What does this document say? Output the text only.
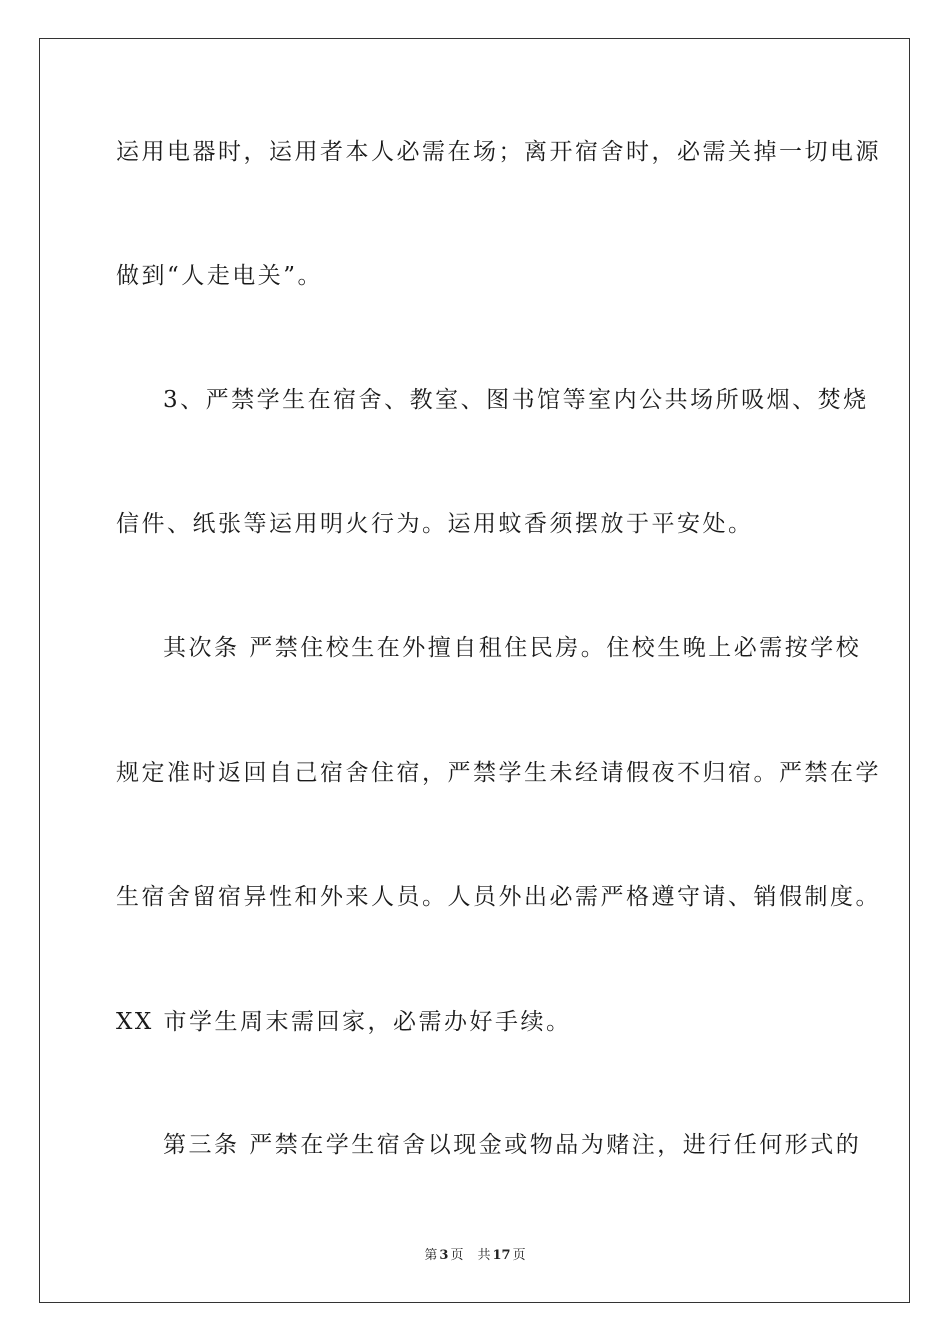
运用电器时，运用者本人必需在场；离开宿舍时，必需关掉一切电源
做到“人走电关”。
3、严禁学生在宿舍、教室、图书馆等室内公共场所吸烟、焚烧
信件、纸张等运用明火行为。运用蚊香须摆放于平安处。
其次条 严禁住校生在外擅自租住民房。住校生晚上必需按学校
规定准时返回自己宿舍住宿，严禁学生未经请假夜不归宿。严禁在学
生宿舍留宿异性和外来人员。人员外出必需严格遵守请、销假制度。
XX 市学生周末需回家，必需办好手续。
第三条 严禁在学生宿舍以现金或物品为赌注，进行任何形式的
第 3 页 共 17 页
